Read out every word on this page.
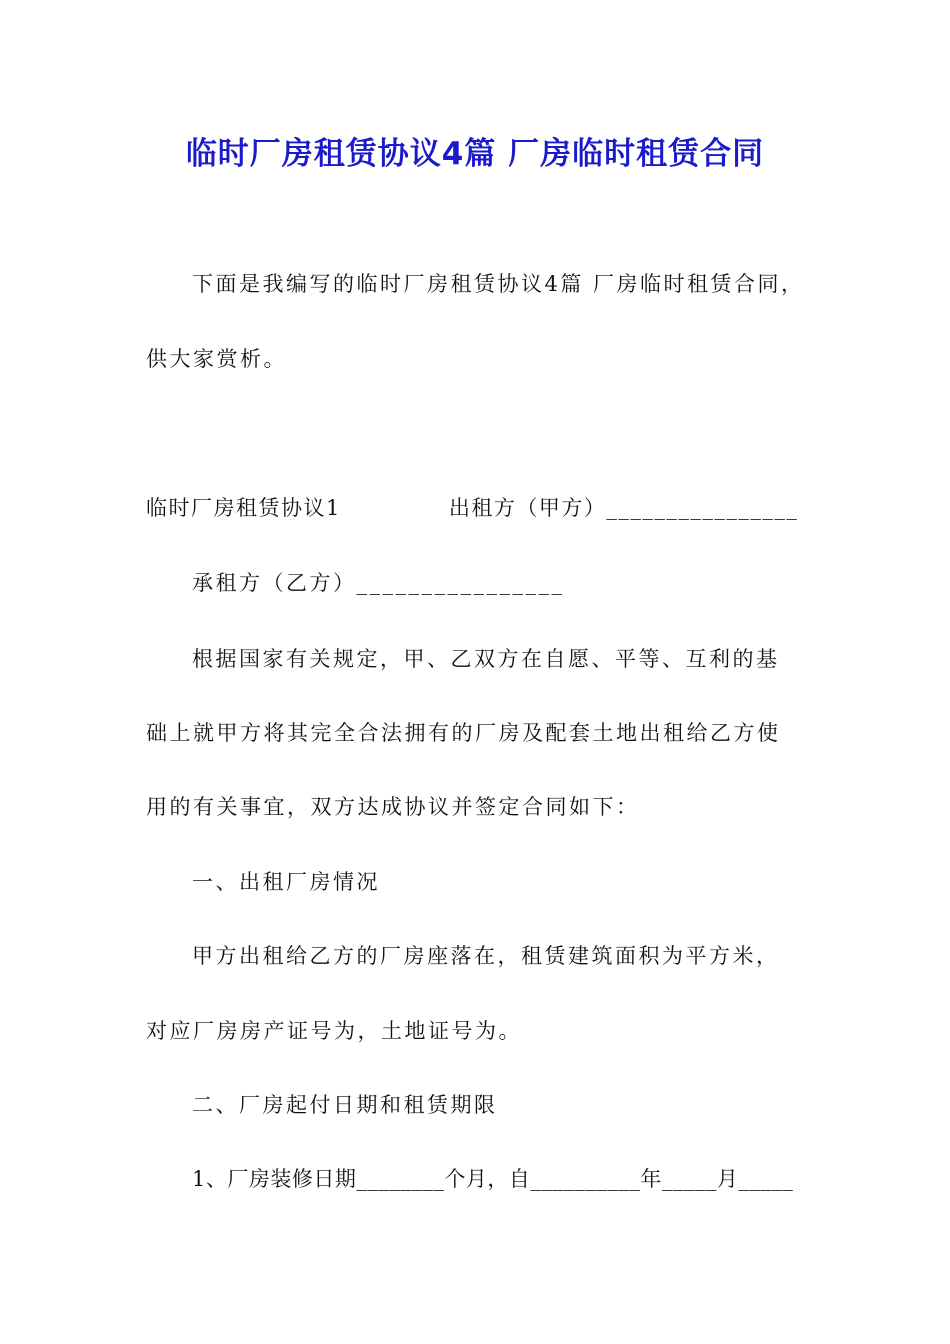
临时厂房租赁协议4篇 厂房临时租赁合同
下面是我编写的临时厂房租赁协议4篇 厂房临时租赁合同，
供大家赏析。
临时厂房租赁协议1	出租方（甲方）________________
承租方（乙方）________________
根据国家有关规定，甲、乙双方在自愿、平等、互利的基
础上就甲方将其完全合法拥有的厂房及配套土地出租给乙方使
用的有关事宜，双方达成协议并签定合同如下：
一、出租厂房情况
甲方出租给乙方的厂房座落在，租赁建筑面积为平方米，
对应厂房房产证号为，土地证号为。
二、厂房起付日期和租赁期限
1、厂房装修日期________个月，自__________年_____月_____
